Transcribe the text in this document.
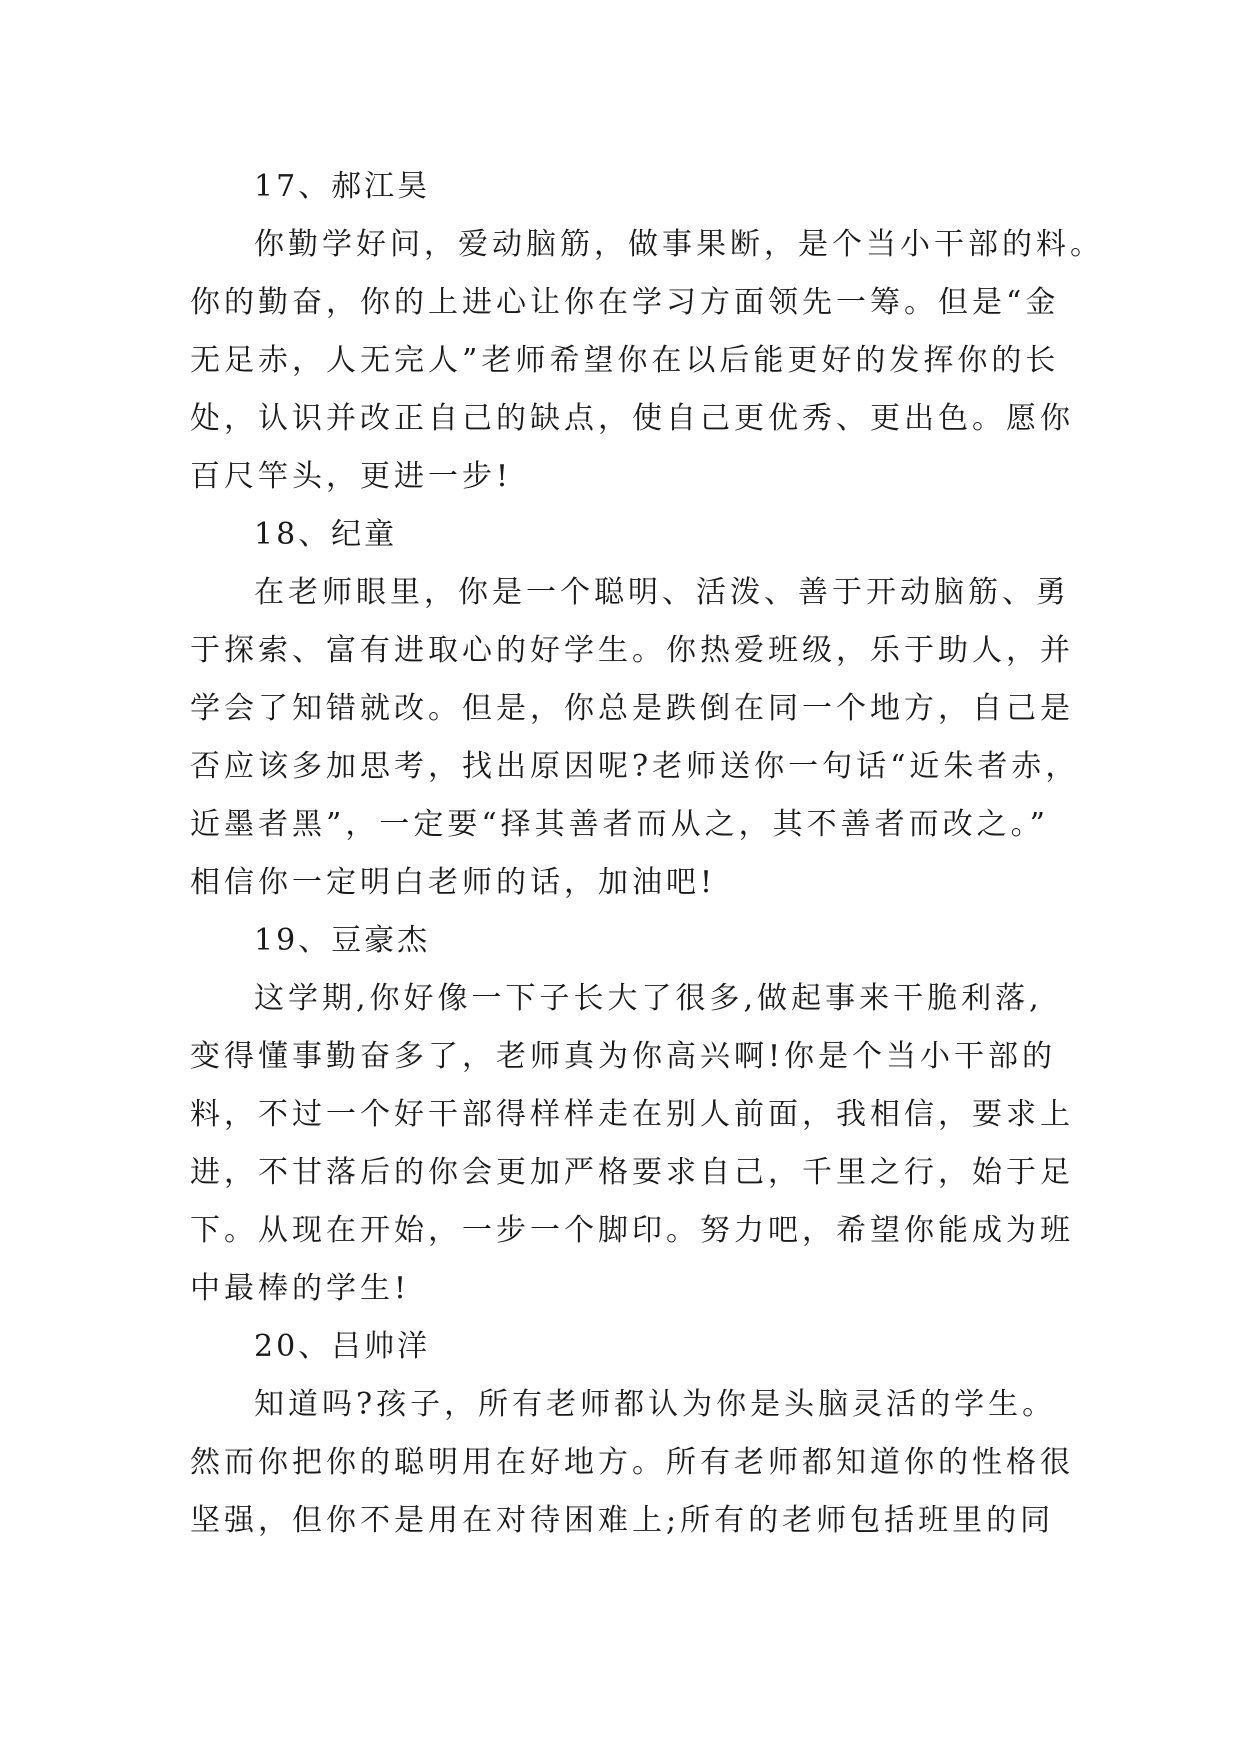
17、郝江昊

你勤学好问，爱动脑筋，做事果断，是个当小干部的料。
你的勤奋，你的上进心让你在学习方面领先一筹。但是“金
无足赤，人无完人”老师希望你在以后能更好的发挥你的长
处，认识并改正自己的缺点，使自己更优秀、更出色。愿你
百尺竿头，更进一步!

18、纪童

在老师眼里，你是一个聪明、活泼、善于开动脑筋、勇
于探索、富有进取心的好学生。你热爱班级，乐于助人，并
学会了知错就改。但是，你总是跌倒在同一个地方，自己是
否应该多加思考，找出原因呢?老师送你一句话“近朱者赤，
近墨者黑”，一定要“择其善者而从之，其不善者而改之。”
相信你一定明白老师的话，加油吧!

19、豆豪杰

这学期,你好像一下子长大了很多,做起事来干脆利落,
变得懂事勤奋多了，老师真为你高兴啊!你是个当小干部的
料，不过一个好干部得样样走在别人前面，我相信，要求上
进，不甘落后的你会更加严格要求自己，千里之行，始于足
下。从现在开始，一步一个脚印。努力吧，希望你能成为班
中最棒的学生!

20、吕帅洋

知道吗?孩子，所有老师都认为你是头脑灵活的学生。
然而你把你的聪明用在好地方。所有老师都知道你的性格很
坚强，但你不是用在对待困难上;所有的老师包括班里的同
